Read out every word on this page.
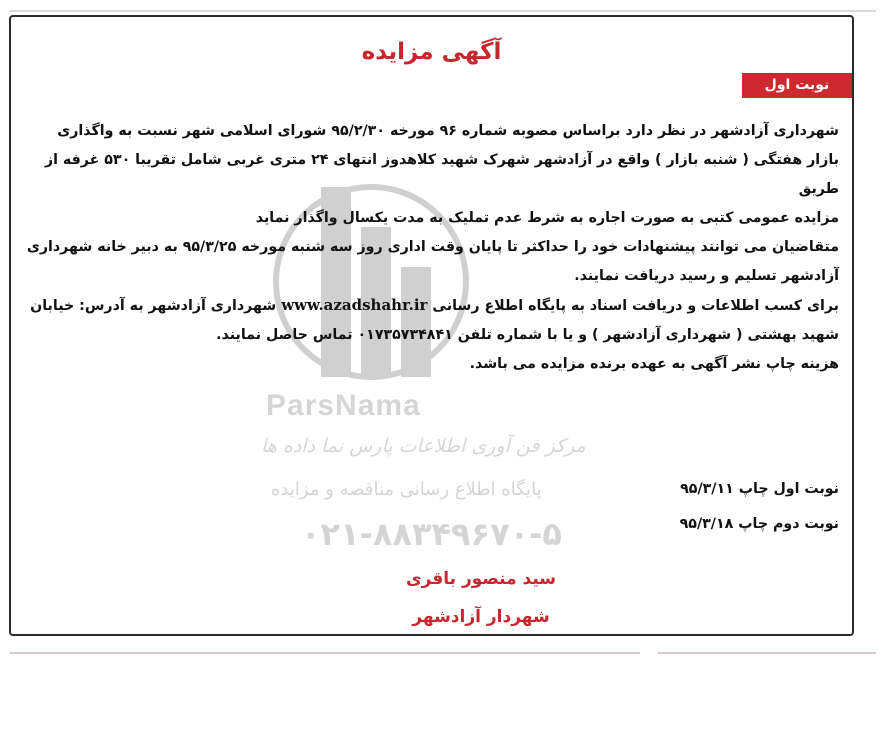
ParsNama
مرکز فن آوری اطلاعات پارس نما داده ها
پایگاه اطلاع رسانی مناقصه و مزایده
۰۲۱-۸۸۳۴۹۶۷۰-۵
آگهی مزایده
نوبت اول

شهرداری آزادشهر در نظر دارد براساس مصوبه شماره ۹۶ مورخه ۹۵/۲/۳۰ شورای اسلامی شهر نسبت به واگذاری

بازار هفتگی ( شنبه بازار ) واقع در آزادشهر شهرک شهید کلاهدوز انتهای ۲۴ متری غربی شامل تقریبا ۵۳۰ غرفه از طریق

مزایده عمومی کتبی به صورت اجاره به شرط عدم تملیک به مدت یکسال واگذار نماید

متقاضیان می توانند پیشنهادات خود را حداکثر تا پایان وقت اداری روز سه شنبه مورخه ۹۵/۳/۲۵ به دبیر خانه شهرداری

آزادشهر تسلیم و رسید دریافت نمایند.

برای کسب اطلاعات و دریافت اسناد به پایگاه اطلاع رسانی www.azadshahr.ir شهرداری آزادشهر به آدرس: خیابان

شهید بهشتی ( شهرداری آزادشهر ) و یا با شماره تلفن ۰۱۷۳۵۷۳۴۸۴۱ تماس حاصل نمایند.

هزینه چاپ نشر آگهی به عهده برنده مزایده می باشد.

نوبت اول چاپ ۹۵/۳/۱۱
نوبت دوم چاپ ۹۵/۳/۱۸
سید منصور باقری
شهردار آزادشهر
